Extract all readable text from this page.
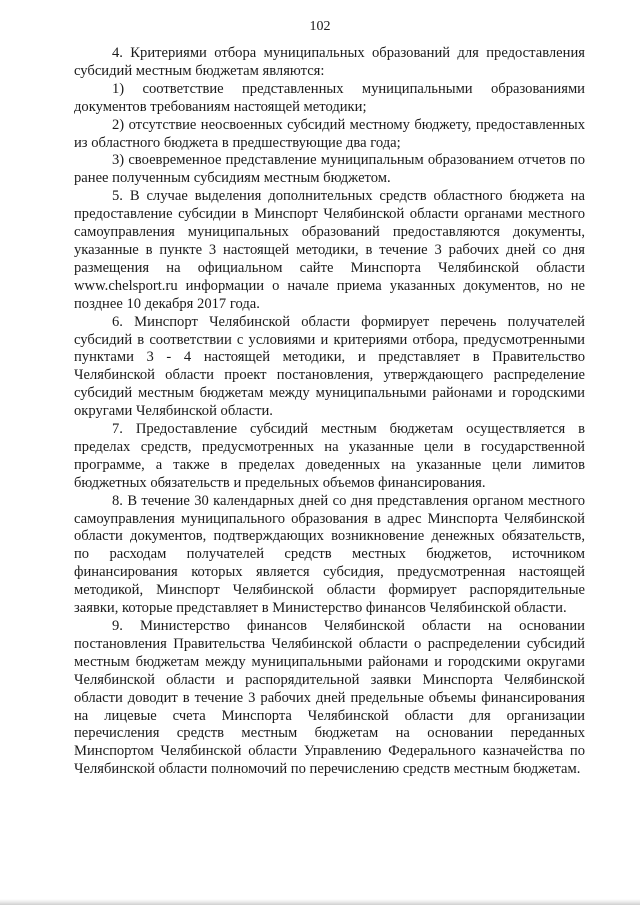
102

4. Критериями отбора муниципальных образований для предоставления субсидий местным бюджетам являются:

1) соответствие представленных муниципальными образованиями документов требованиям настоящей методики;

2) отсутствие неосвоенных субсидий местному бюджету, предоставленных из областного бюджета в предшествующие два года;

3) своевременное представление муниципальным образованием отчетов по ранее полученным субсидиям местным бюджетом.

5. В случае выделения дополнительных средств областного бюджета на предоставление субсидии в Минспорт Челябинской области органами местного самоуправления муниципальных образований предоставляются документы, указанные в пункте 3 настоящей методики, в течение 3 рабочих дней со дня размещения на официальном сайте Минспорта Челябинской области www.chelsport.ru информации о начале приема указанных документов, но не позднее 10 декабря 2017 года.

6. Минспорт Челябинской области формирует перечень получателей субсидий в соответствии с условиями и критериями отбора, предусмотренными пунктами 3 - 4 настоящей методики, и представляет в Правительство Челябинской области проект постановления, утверждающего распределение субсидий местным бюджетам между муниципальными районами и городскими округами Челябинской области.

7. Предоставление субсидий местным бюджетам осуществляется в пределах средств, предусмотренных на указанные цели в государственной программе, а также в пределах доведенных на указанные цели лимитов бюджетных обязательств и предельных объемов финансирования.

8. В течение 30 календарных дней со дня представления органом местного самоуправления муниципального образования в адрес Минспорта Челябинской области документов, подтверждающих возникновение денежных обязательств, по расходам получателей средств местных бюджетов, источником финансирования которых является субсидия, предусмотренная настоящей методикой, Минспорт Челябинской области формирует распорядительные заявки, которые представляет в Министерство финансов Челябинской области.

9. Министерство финансов Челябинской области на основании постановления Правительства Челябинской области о распределении субсидий местным бюджетам между муниципальными районами и городскими округами Челябинской области и распорядительной заявки Минспорта Челябинской области доводит в течение 3 рабочих дней предельные объемы финансирования на лицевые счета Минспорта Челябинской области для организации перечисления средств местным бюджетам на основании переданных Минспортом Челябинской области Управлению Федерального казначейства по Челябинской области полномочий по перечислению средств местным бюджетам.
